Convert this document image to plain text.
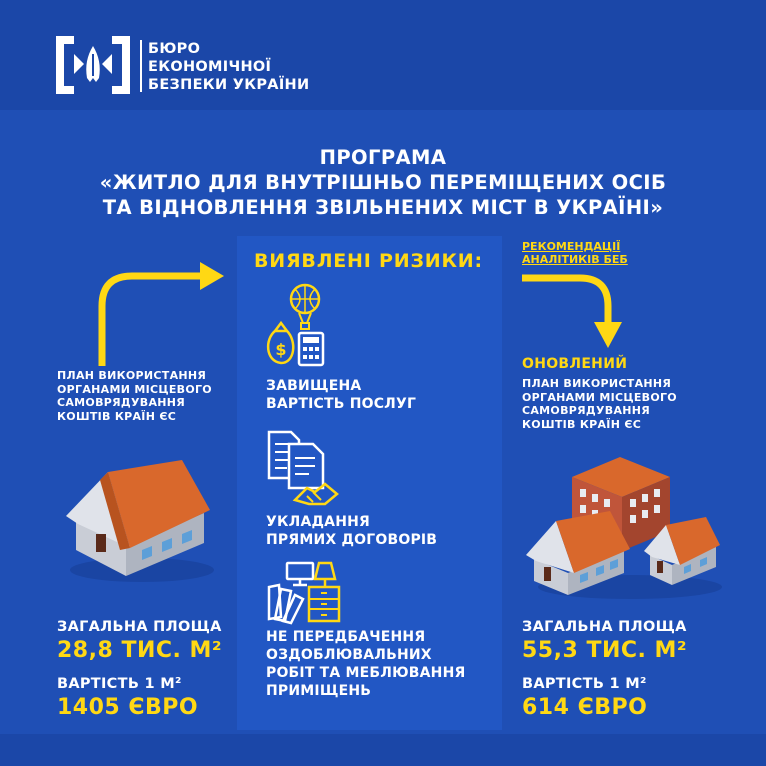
БЮРО
ЕКОНОМІЧНОЇ
БЕЗПЕКИ УКРАЇНИ

ПРОГРАМА
«ЖИТЛО ДЛЯ ВНУТРІШНЬО ПЕРЕМІЩЕНИХ ОСІБ
ТА ВІДНОВЛЕННЯ ЗВІЛЬНЕНИХ МІСТ В УКРАЇНІ»

ПЛАН ВИКОРИСТАННЯ
ОРГАНАМИ МІСЦЕВОГО
САМОВРЯДУВАННЯ
КОШТІВ КРАЇН ЄС

ЗАГАЛЬНА ПЛОЩА

28,8 ТИС. М²

ВАРТІСТЬ 1 М²

1405 ЄВРО

ВИЯВЛЕНІ РИЗИКИ:
$

ЗАВИЩЕНА
ВАРТІСТЬ ПОСЛУГ

УКЛАДАННЯ
ПРЯМИХ ДОГОВОРІВ

НЕ ПЕРЕДБАЧЕННЯ
ОЗДОБЛЮВАЛЬНИХ
РОБІТ ТА МЕБЛЮВАННЯ
ПРИМІЩЕНЬ

РЕКОМЕНДАЦІЇ
АНАЛІТИКІВ БЕБ

ОНОВЛЕНИЙ

ПЛАН ВИКОРИСТАННЯ
ОРГАНАМИ МІСЦЕВОГО
САМОВРЯДУВАННЯ
КОШТІВ КРАЇН ЄС

ЗАГАЛЬНА ПЛОЩА

55,3 ТИС. М²

ВАРТІСТЬ 1 М²

614 ЄВРО
